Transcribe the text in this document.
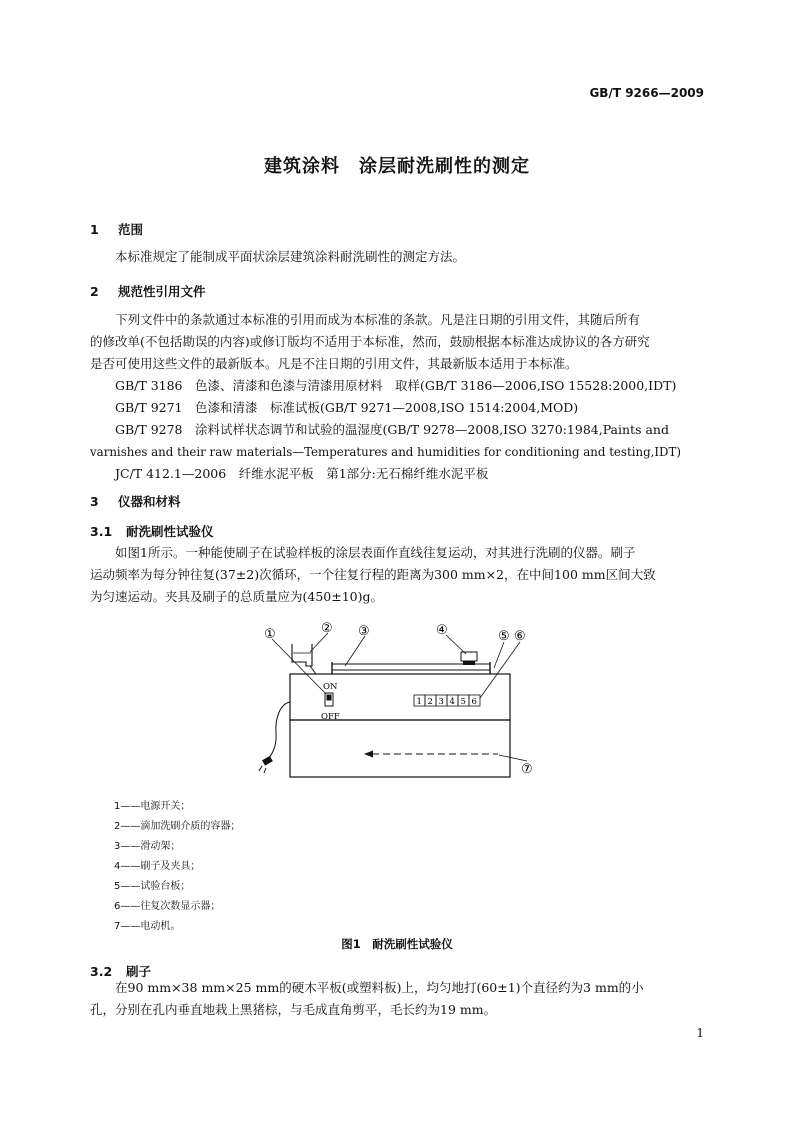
GB/T 9266—2009
建筑涂料　涂层耐洗刷性的测定
1 范围
本标准规定了能制成平面状涂层建筑涂料耐洗刷性的测定方法。
2 规范性引用文件
下列文件中的条款通过本标准的引用而成为本标准的条款。凡是注日期的引用文件，其随后所有
的修改单(不包括勘误的内容)或修订版均不适用于本标准，然而，鼓励根据本标准达成协议的各方研究
是否可使用这些文件的最新版本。凡是不注日期的引用文件，其最新版本适用于本标准。
GB/T 3186　色漆、清漆和色漆与清漆用原材料　取样(GB/T 3186—2006,ISO 15528:2000,IDT)
GB/T 9271　色漆和清漆　标准试板(GB/T 9271—2008,ISO 1514:2004,MOD)
GB/T 9278　涂料试样状态调节和试验的温湿度(GB/T 9278—2008,ISO 3270:1984,Paints and
varnishes and their raw materials—Temperatures and humidities for conditioning and testing,IDT)
JC/T 412.1—2006　纤维水泥平板　第1部分:无石棉纤维水泥平板
3 仪器和材料
3.1 耐洗刷性试验仪
如图1所示。一种能使刷子在试验样板的涂层表面作直线往复运动，对其进行洗刷的仪器。刷子
运动频率为每分钟往复(37±2)次循环，一个往复行程的距离为300 mm×2，在中间100 mm区间大致
为匀速运动。夹具及刷子的总质量应为(450±10)g。
ON
OFF
1 2 3 4 5 6
①	② ③	④	⑤ ⑥
⑦
1——电源开关；
2——滴加洗刷介质的容器；
3——滑动架；
4——刷子及夹具；
5——试验台板；
6——往复次数显示器；
7——电动机。
图1　耐洗刷性试验仪
3.2 刷子
在90 mm×38 mm×25 mm的硬木平板(或塑料板)上，均匀地打(60±1)个直径约为3 mm的小
孔，分别在孔内垂直地栽上黑猪棕，与毛成直角剪平，毛长约为19 mm。
1
